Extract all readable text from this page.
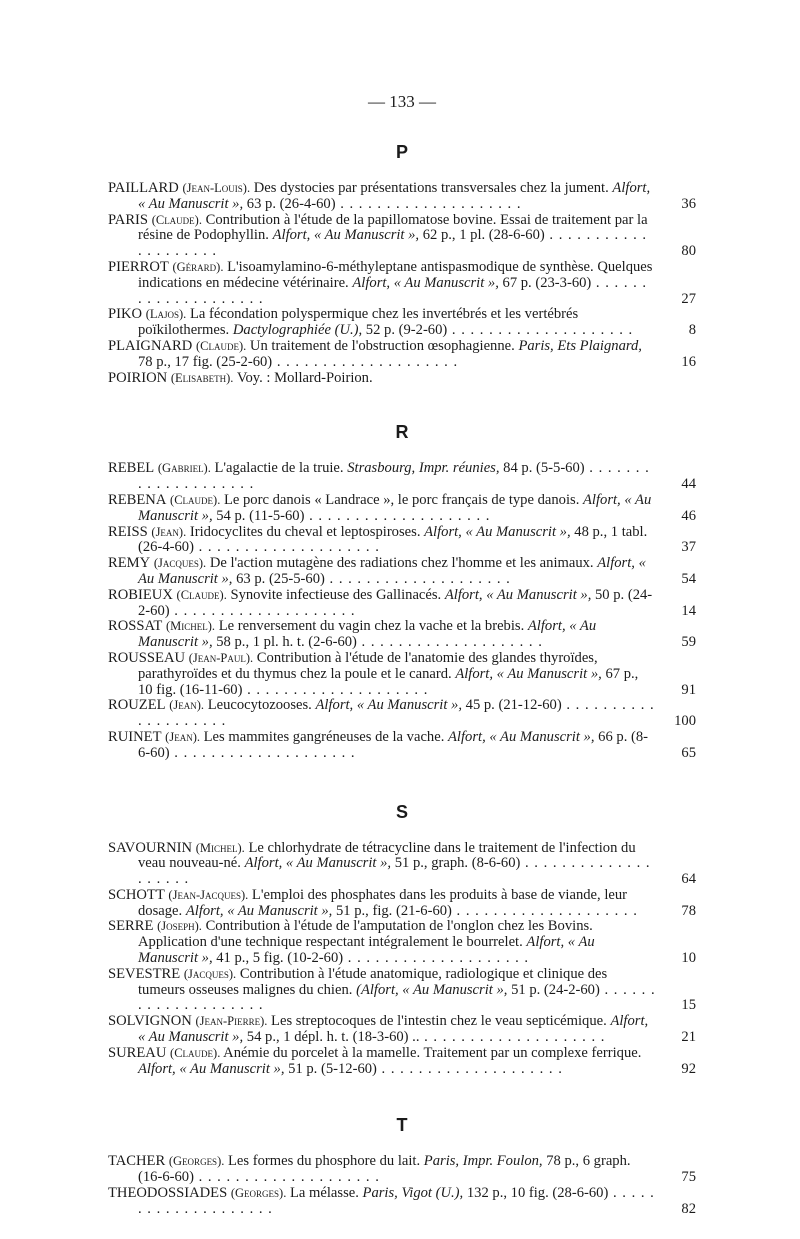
— 133 —
P
PAILLARD (Jean-Louis). Des dystocies par présentations transversales chez la jument. Alfort, « Au Manuscrit », 63 p. (26-4-60) . . . . . . . . . . . . . . . . . . . .	36
PARIS (Claude). Contribution à l'étude de la papillomatose bovine. Essai de traitement par la résine de Podophyllin. Alfort, « Au Manuscrit », 62 p., 1 pl. (28-6-60) . . . . . . . . . . . . . . . . . . . .	80
PIERROT (Gérard). L'isoamylamino-6-méthyleptane antispasmodique de synthèse. Quelques indications en médecine vétérinaire. Alfort, « Au Manuscrit », 67 p. (23-3-60) . . . . . . . . . . . . . . . . . . . .	27
PIKO (Lajos). La fécondation polyspermique chez les invertébrés et les vertébrés poïkilothermes. Dactylographiée (U.), 52 p. (9-2-60) . . . . . . . . . . . . . . . . . . . .	8
PLAIGNARD (Claude). Un traitement de l'obstruction œsophagienne. Paris, Ets Plaignard, 78 p., 17 fig. (25-2-60) . . . . . . . . . . . . . . . . . . . .	16
POIRION (Elisabeth). Voy. : Mollard-Poirion.
R
REBEL (Gabriel). L'agalactie de la truie. Strasbourg, Impr. réunies, 84 p. (5-5-60) . . . . . . . . . . . . . . . . . . . .	44
REBENA (Claude). Le porc danois « Landrace », le porc français de type danois. Alfort, « Au Manuscrit », 54 p. (11-5-60) . . . . . . . . . . . . . . . . . . . .	46
REISS (Jean). Iridocyclites du cheval et leptospiroses. Alfort, « Au Manuscrit », 48 p., 1 tabl. (26-4-60) . . . . . . . . . . . . . . . . . . . .	37
REMY (Jacques). De l'action mutagène des radiations chez l'homme et les animaux. Alfort, « Au Manuscrit », 63 p. (25-5-60) . . . . . . . . . . . . . . . . . . . .	54
ROBIEUX (Claude). Synovite infectieuse des Gallinacés. Alfort, « Au Manuscrit », 50 p. (24-2-60) . . . . . . . . . . . . . . . . . . . .	14
ROSSAT (Michel). Le renversement du vagin chez la vache et la brebis. Alfort, « Au Manuscrit », 58 p., 1 pl. h. t. (2-6-60) . . . . . . . . . . . . . . . . . . . .	59
ROUSSEAU (Jean-Paul). Contribution à l'étude de l'anatomie des glandes thyroïdes, parathyroïdes et du thymus chez la poule et le canard. Alfort, « Au Manuscrit », 67 p., 10 fig. (16-11-60) . . . . . . . . . . . . . . . . . . . .	91
ROUZEL (Jean). Leucocytozooses. Alfort, « Au Manuscrit », 45 p. (21-12-60) . . . . . . . . . . . . . . . . . . . .	100
RUINET (Jean). Les mammites gangréneuses de la vache. Alfort, « Au Manuscrit », 66 p. (8-6-60) . . . . . . . . . . . . . . . . . . . .	65
S
SAVOURNIN (Michel). Le chlorhydrate de tétracycline dans le traitement de l'infection du veau nouveau-né. Alfort, « Au Manuscrit », 51 p., graph. (8-6-60) . . . . . . . . . . . . . . . . . . . .	64
SCHOTT (Jean-Jacques). L'emploi des phosphates dans les produits à base de viande, leur dosage. Alfort, « Au Manuscrit », 51 p., fig. (21-6-60) . . . . . . . . . . . . . . . . . . . .	78
SERRE (Joseph). Contribution à l'étude de l'amputation de l'onglon chez les Bovins. Application d'une technique respectant intégralement le bourrelet. Alfort, « Au Manuscrit », 41 p., 5 fig. (10-2-60) . . . . . . . . . . . . . . . . . . . .	10
SEVESTRE (Jacques). Contribution à l'étude anatomique, radiologique et clinique des tumeurs osseuses malignes du chien. (Alfort, « Au Manuscrit », 51 p. (24-2-60) . . . . . . . . . . . . . . . . . . . .	15
SOLVIGNON (Jean-Pierre). Les streptocoques de l'intestin chez le veau septicémique. Alfort, « Au Manuscrit », 54 p., 1 dépl. h. t. (18-3-60) .. . . . . . . . . . . . . . . . . . . . .	21
SUREAU (Claude). Anémie du porcelet à la mamelle. Traitement par un complexe ferrique. Alfort, « Au Manuscrit », 51 p. (5-12-60) . . . . . . . . . . . . . . . . . . . .	92
T
TACHER (Georges). Les formes du phosphore du lait. Paris, Impr. Foulon, 78 p., 6 graph. (16-6-60) . . . . . . . . . . . . . . . . . . . .	75
THEODOSSIADES (Georges). La mélasse. Paris, Vigot (U.), 132 p., 10 fig. (28-6-60) . . . . . . . . . . . . . . . . . . . .	82
